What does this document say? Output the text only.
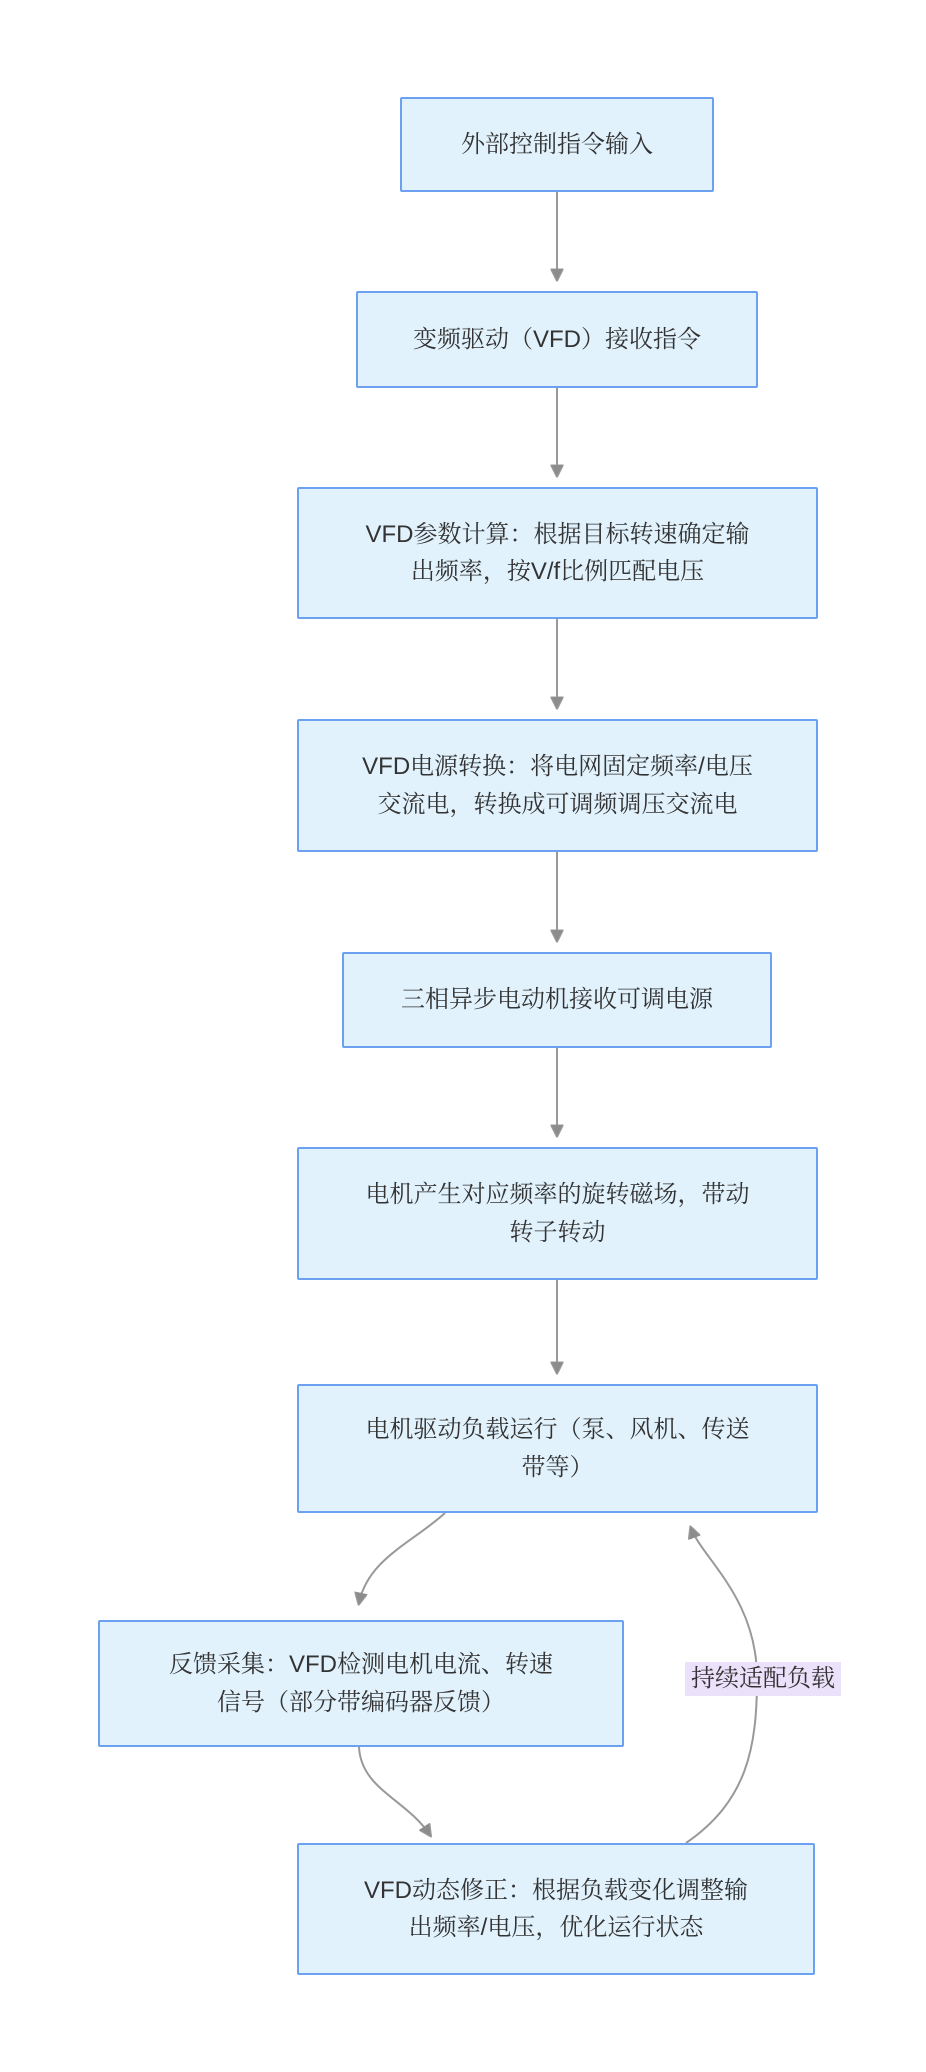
外部控制指令输入
变频驱动（VFD）接收指令
VFD参数计算：根据目标转速确定输
出频率，按V/f比例匹配电压
VFD电源转换：将电网固定频率/电压
交流电，转换成可调频调压交流电
三相异步电动机接收可调电源
电机产生对应频率的旋转磁场，带动
转子转动
电机驱动负载运行（泵、风机、传送
带等）
反馈采集：VFD检测电机电流、转速
信号（部分带编码器反馈）
VFD动态修正：根据负载变化调整输
出频率/电压，优化运行状态
持续适配负载
